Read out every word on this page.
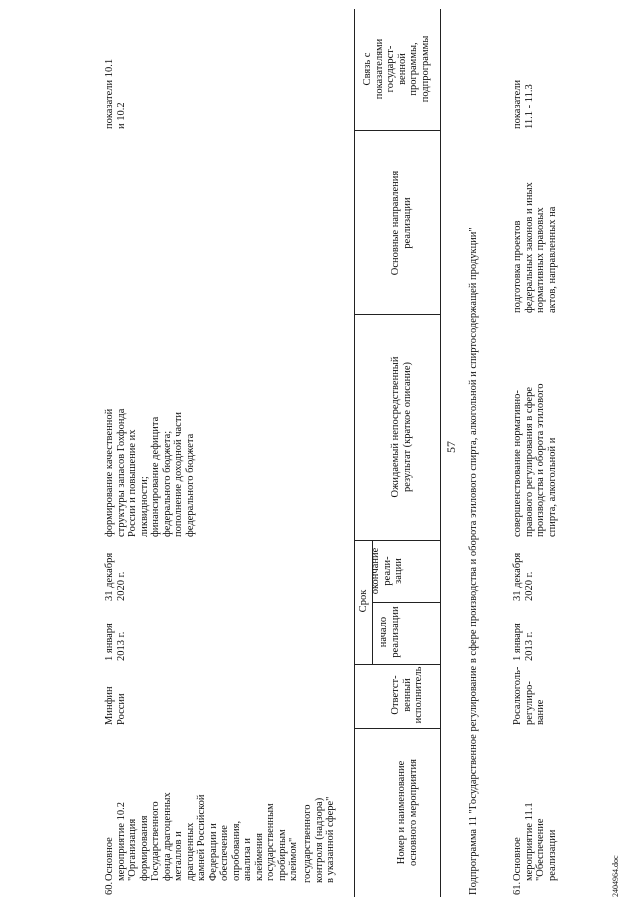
57
Номер и наименование
основного мероприятия
Ответст-
венный
исполнитель
Срок
начало
реализации
окончание
реали-
зации
Ожидаемый непосредственный
результат (краткое описание)
Основные направления
реализации
Связь с
показателями
государст-
венной
программы,
подпрограммы
государственного
контроля (надзора)
в указанной сфере"
60.
Основное
мероприятие 10.2
"Организация
формирования
Государственного
фонда драгоценных
металлов и
драгоценных
камней Российской
Федерации и
обеспечение
опробования,
анализа и
клеймения
государственным
пробирным
клеймом"
Минфин
России
1 января
2013 г.
31 декабря
2020 г.
формирование качественной
структуры запасов Гохфонда
России и повышение их
ликвидности;
финансирование дефицита
федерального бюджета;
пополнение доходной части
федерального бюджета
показатели 10.1
и 10.2
Подпрограмма 11 "Государственное регулирование в сфере производства и оборота этилового спирта, алкогольной и спиртосодержащей продукции"	61.
Основное
мероприятие 11.1
"Обеспечение
реализации
Росалкоголь-
регулиро-
вание
1 января
2013 г.
31 декабря
2020 г.
совершенствование нормативно-
правового регулирования в сфере
производства и оборота этилового
спирта, алкогольной и
подготовка проектов
федеральных законов и иных
нормативных правовых
актов, направленных на
показатели
11.1 - 11.3
2404964.doc
